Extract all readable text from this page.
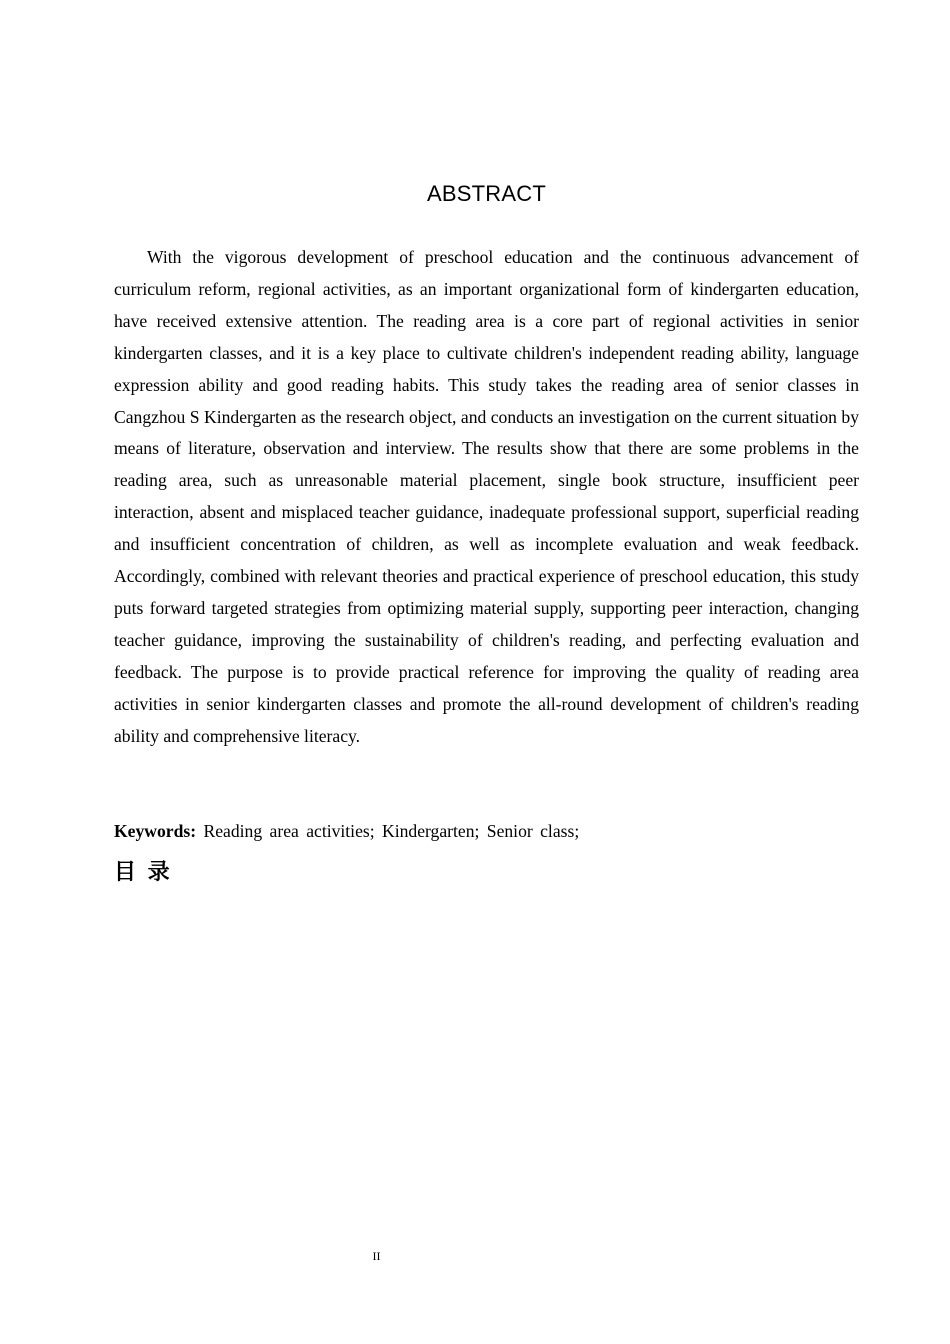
ABSTRACT

With the vigorous development of preschool education and the continuous advancement of curriculum reform, regional activities, as an important organizational form of kindergarten education, have received extensive attention. The reading area is a core part of regional activities in senior kindergarten classes, and it is a key place to cultivate children's independent reading ability, language expression ability and good reading habits. This study takes the reading area of senior classes in Cangzhou S Kindergarten as the research object, and conducts an investigation on the current situation by means of literature, observation and interview. The results show that there are some problems in the reading area, such as unreasonable material placement, single book structure, insufficient peer interaction, absent and misplaced teacher guidance, inadequate professional support, superficial reading and insufficient concentration of children, as well as incomplete evaluation and weak feedback. Accordingly, combined with relevant theories and practical experience of preschool education, this study puts forward targeted strategies from optimizing material supply, supporting peer interaction, changing teacher guidance, improving the sustainability of children's reading, and perfecting evaluation and feedback. The purpose is to provide practical reference for improving the quality of reading area activities in senior kindergarten classes and promote the all-round development of children's reading ability and comprehensive literacy.

Keywords: Reading area activities; Kindergarten; Senior class;

目 录
II
